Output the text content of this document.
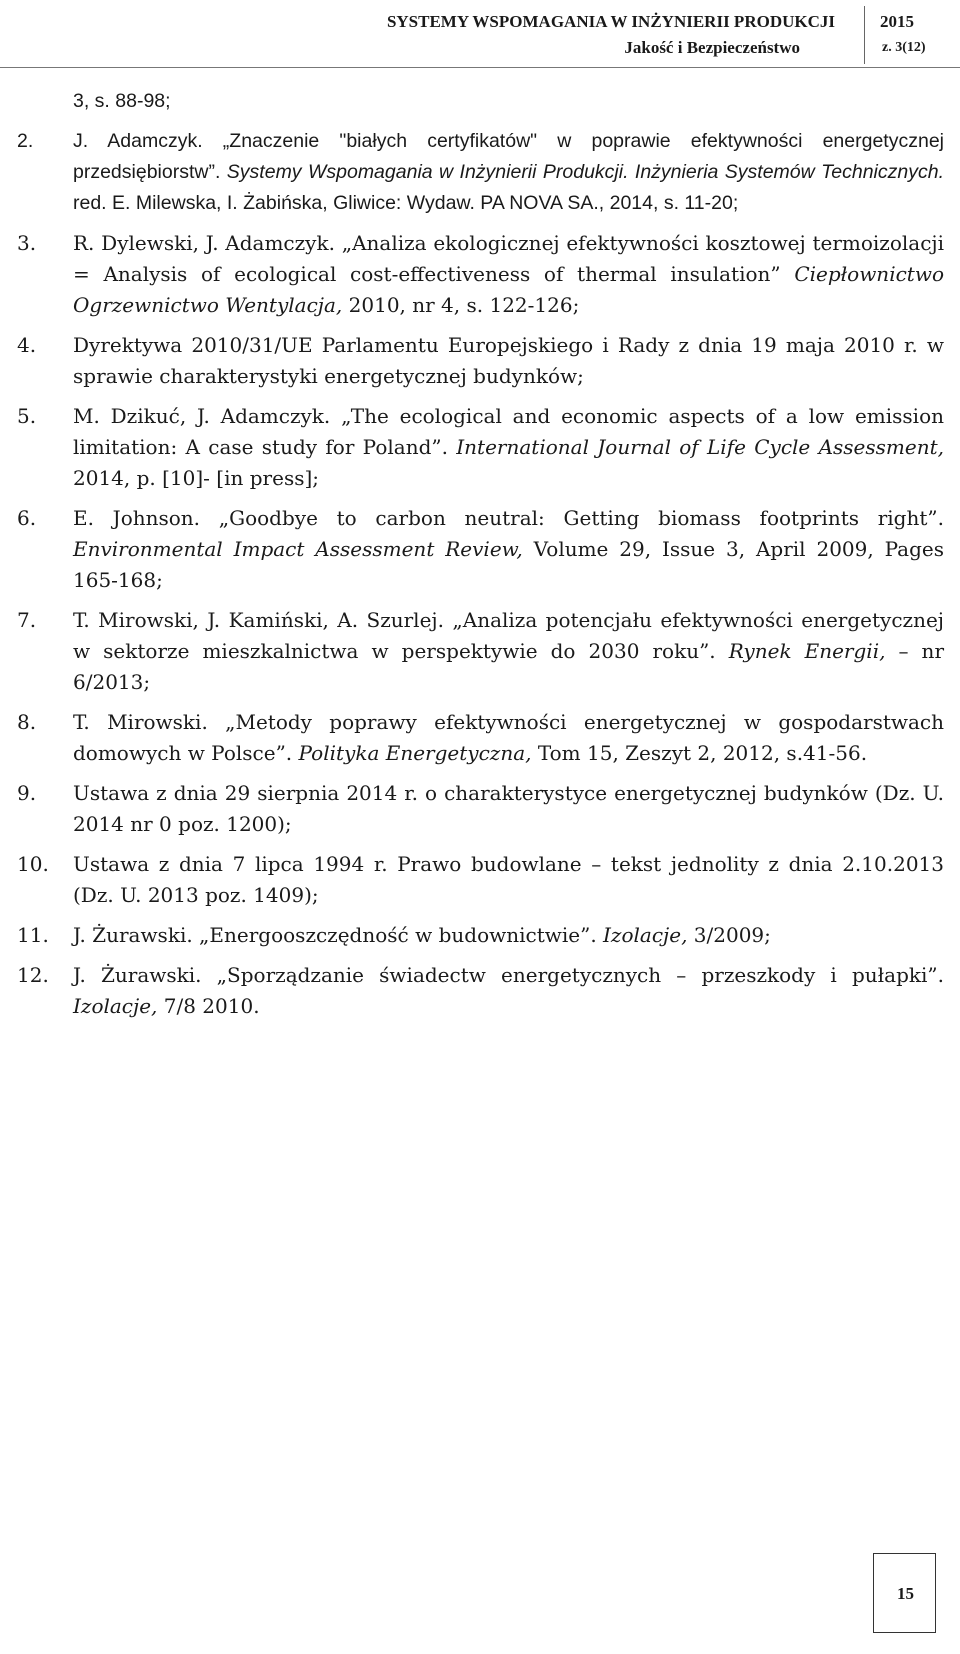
SYSTEMY WSPOMAGANIA W INŻYNIERII PRODUKCJI
Jakość i Bezpieczeństwo
2015
z. 3(12)
3, s. 88-98;
2. J. Adamczyk. „Znaczenie "białych certyfikatów" w poprawie efektywności energetycznej przedsiębiorstw”. Systemy Wspomagania w Inżynierii Produkcji. Inżynieria Systemów Technicznych. red. E. Milewska, I. Żabińska, Gliwice: Wydaw. PA NOVA SA., 2014, s. 11-20;
3. R. Dylewski, J. Adamczyk. „Analiza ekologicznej efektywności kosztowej termoizolacji = Analysis of ecological cost-effectiveness of thermal insulation” Ciepłownictwo Ogrzewnictwo Wentylacja, 2010, nr 4, s. 122-126;
4. Dyrektywa 2010/31/UE Parlamentu Europejskiego i Rady z dnia 19 maja 2010 r. w sprawie charakterystyki energetycznej budynków;
5. M. Dzikuć, J. Adamczyk. „The ecological and economic aspects of a low emission limitation: A case study for Poland”. International Journal of Life Cycle Assessment, 2014, p. [10]- [in press];
6. E. Johnson. „Goodbye to carbon neutral: Getting biomass footprints right”. Environmental Impact Assessment Review, Volume 29, Issue 3, April 2009, Pages 165-168;
7. T. Mirowski, J. Kamiński, A. Szurlej. „Analiza potencjału efektywności energetycznej w sektorze mieszkalnictwa w perspektywie do 2030 roku”. Rynek Energii, – nr 6/2013;
8. T. Mirowski. „Metody poprawy efektywności energetycznej w gospodarstwach domowych w Polsce”. Polityka Energetyczna, Tom 15, Zeszyt 2, 2012, s.41-56.
9. Ustawa z dnia 29 sierpnia 2014 r. o charakterystyce energetycznej budynków (Dz. U. 2014 nr 0 poz. 1200);
10. Ustawa z dnia 7 lipca 1994 r. Prawo budowlane – tekst jednolity z dnia 2.10.2013 (Dz. U. 2013 poz. 1409);
11. J. Żurawski. „Energooszczędność w budownictwie”. Izolacje, 3/2009;
12. J. Żurawski. „Sporządzanie świadectw energetycznych – przeszkody i pułapki”. Izolacje, 7/8 2010.
15
